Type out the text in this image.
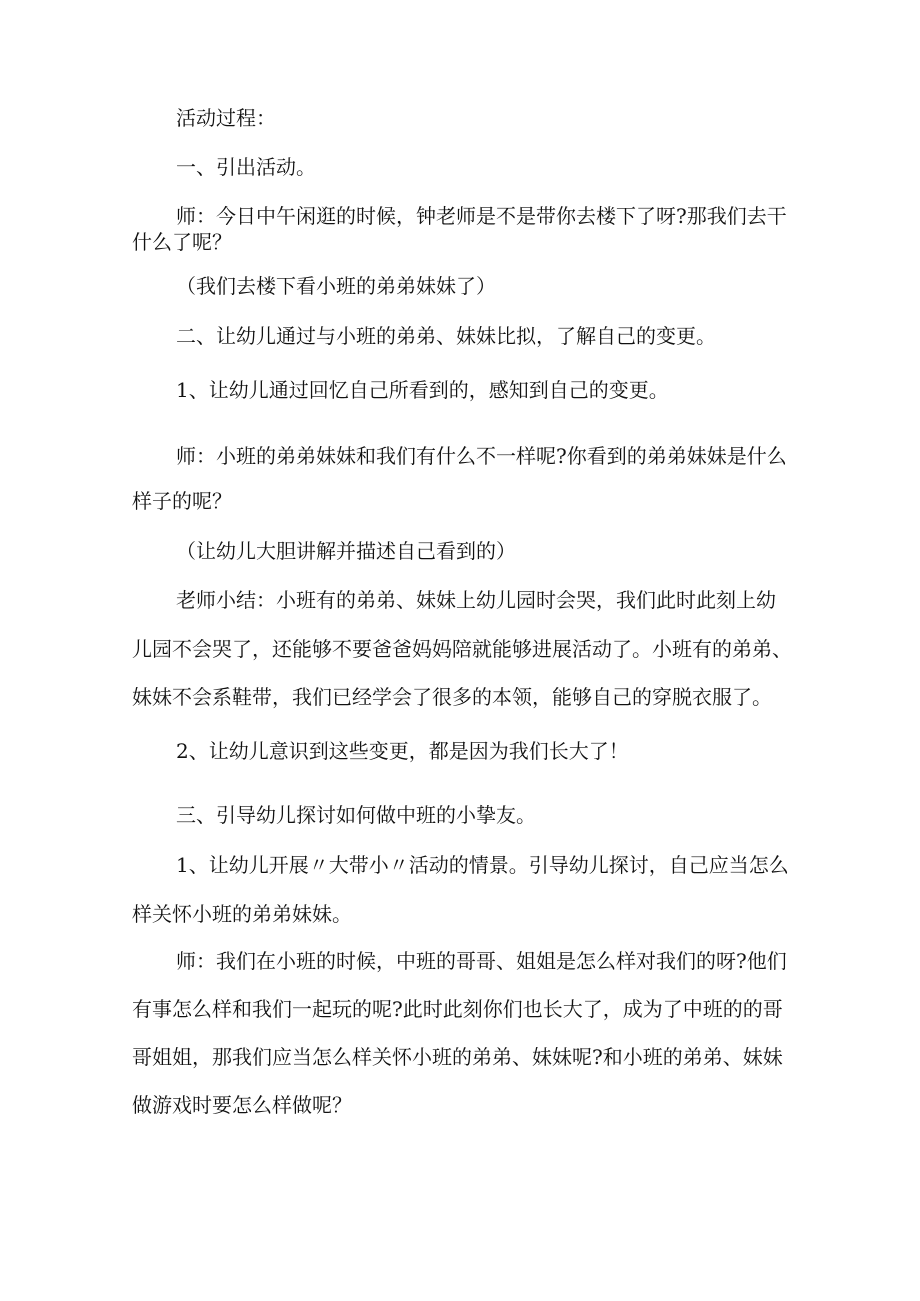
活动过程：

一、引出活动。

师：今日中午闲逛的时候，钟老师是不是带你去楼下了呀?那我们去干

什么了呢？

（我们去楼下看小班的弟弟妹妹了）

二、让幼儿通过与小班的弟弟、妹妹比拟，了解自己的变更。

1、让幼儿通过回忆自己所看到的，感知到自己的变更。

师：小班的弟弟妹妹和我们有什么不一样呢?你看到的弟弟妹妹是什么

样子的呢？

（让幼儿大胆讲解并描述自己看到的）

老师小结：小班有的弟弟、妹妹上幼儿园时会哭，我们此时此刻上幼

儿园不会哭了，还能够不要爸爸妈妈陪就能够进展活动了。小班有的弟弟、

妹妹不会系鞋带，我们已经学会了很多的本领，能够自己的穿脱衣服了。

2、让幼儿意识到这些变更，都是因为我们长大了！

三、引导幼儿探讨如何做中班的小挚友。

1、让幼儿开展〃大带小〃活动的情景。引导幼儿探讨，自己应当怎么

样关怀小班的弟弟妹妹。

师：我们在小班的时候，中班的哥哥、姐姐是怎么样对我们的呀?他们

有事怎么样和我们一起玩的呢?此时此刻你们也长大了，成为了中班的的哥

哥姐姐，那我们应当怎么样关怀小班的弟弟、妹妹呢?和小班的弟弟、妹妹

做游戏时要怎么样做呢？
